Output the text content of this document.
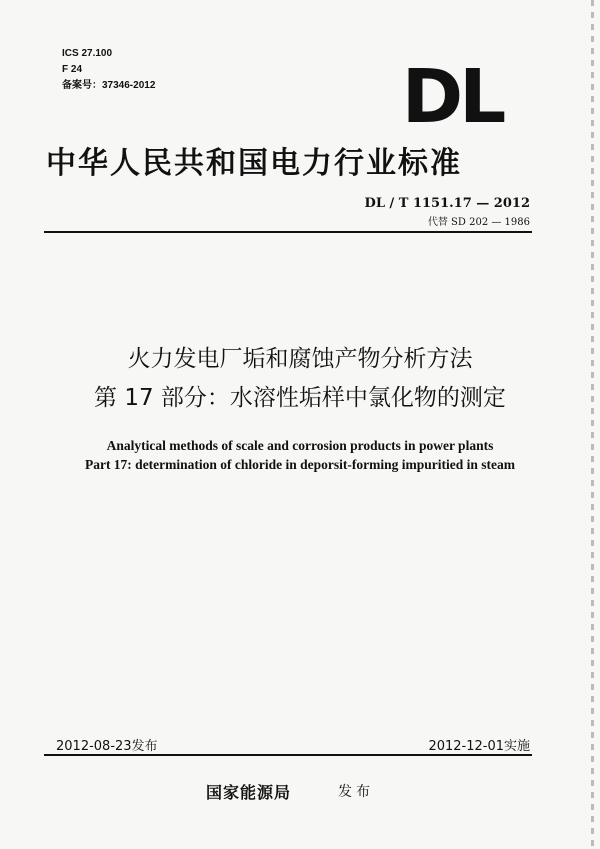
ICS 27.100
F 24
备案号：37346-2012	DL
中华人民共和国电力行业标准
DL / T 1151.17 — 2012
代替 SD 202 — 1986
火力发电厂垢和腐蚀产物分析方法
第 17 部分：水溶性垢样中氯化物的测定
Analytical methods of scale and corrosion products in power plants
Part 17: determination of chloride in deporsit-forming impuritied in steam
2012-08-23发布	2012-12-01实施
国家能源局	发布
